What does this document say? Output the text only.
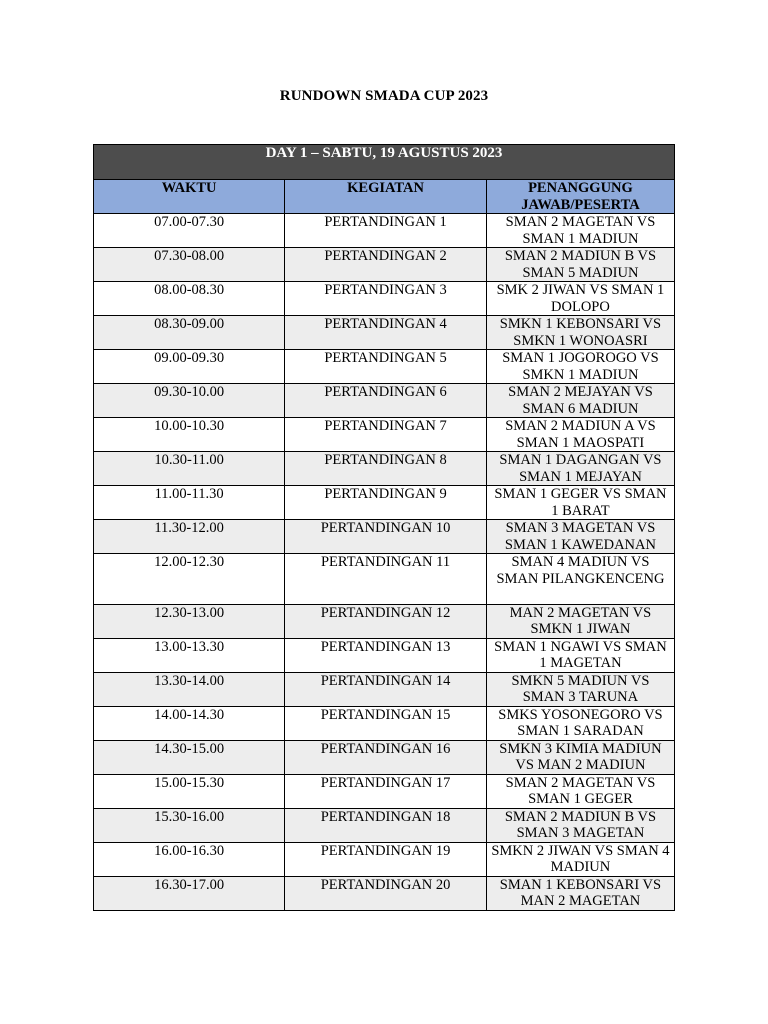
RUNDOWN SMADA CUP 2023
DAY 1 – SABTU, 19 AGUSTUS 2023		
WAKTU	KEGIATAN	PENANGGUNG JAWAB/PESERTA
07.00-07.30	PERTANDINGAN 1	SMAN 2 MAGETAN VS SMAN 1 MADIUN
07.30-08.00	PERTANDINGAN 2	SMAN 2 MADIUN B VS SMAN 5 MADIUN
08.00-08.30	PERTANDINGAN 3	SMK 2 JIWAN VS SMAN 1 DOLOPO
08.30-09.00	PERTANDINGAN 4	SMKN 1 KEBONSARI VS SMKN 1 WONOASRI
09.00-09.30	PERTANDINGAN 5	SMAN 1 JOGOROGO VS SMKN 1 MADIUN
09.30-10.00	PERTANDINGAN 6	SMAN 2 MEJAYAN VS SMAN 6 MADIUN
10.00-10.30	PERTANDINGAN 7	SMAN 2 MADIUN A VS SMAN 1 MAOSPATI
10.30-11.00	PERTANDINGAN 8	SMAN 1 DAGANGAN VS SMAN 1 MEJAYAN
11.00-11.30	PERTANDINGAN 9	SMAN 1 GEGER VS SMAN 1 BARAT
11.30-12.00	PERTANDINGAN 10	SMAN 3 MAGETAN VS SMAN 1 KAWEDANAN
12.00-12.30	PERTANDINGAN 11	SMAN 4 MADIUN VS SMAN PILANGKENCENG
12.30-13.00	PERTANDINGAN 12	MAN 2 MAGETAN VS SMKN 1 JIWAN
13.00-13.30	PERTANDINGAN 13	SMAN 1 NGAWI VS SMAN 1 MAGETAN
13.30-14.00	PERTANDINGAN 14	SMKN 5 MADIUN VS SMAN 3 TARUNA
14.00-14.30	PERTANDINGAN 15	SMKS YOSONEGORO VS SMAN 1 SARADAN
14.30-15.00	PERTANDINGAN 16	SMKN 3 KIMIA MADIUN VS MAN 2 MADIUN
15.00-15.30	PERTANDINGAN 17	SMAN 2 MAGETAN VS SMAN 1 GEGER
15.30-16.00	PERTANDINGAN 18	SMAN 2 MADIUN B VS SMAN 3 MAGETAN
16.00-16.30	PERTANDINGAN 19	SMKN 2 JIWAN VS SMAN 4 MADIUN
16.30-17.00	PERTANDINGAN 20	SMAN 1 KEBONSARI VS MAN 2 MAGETAN
